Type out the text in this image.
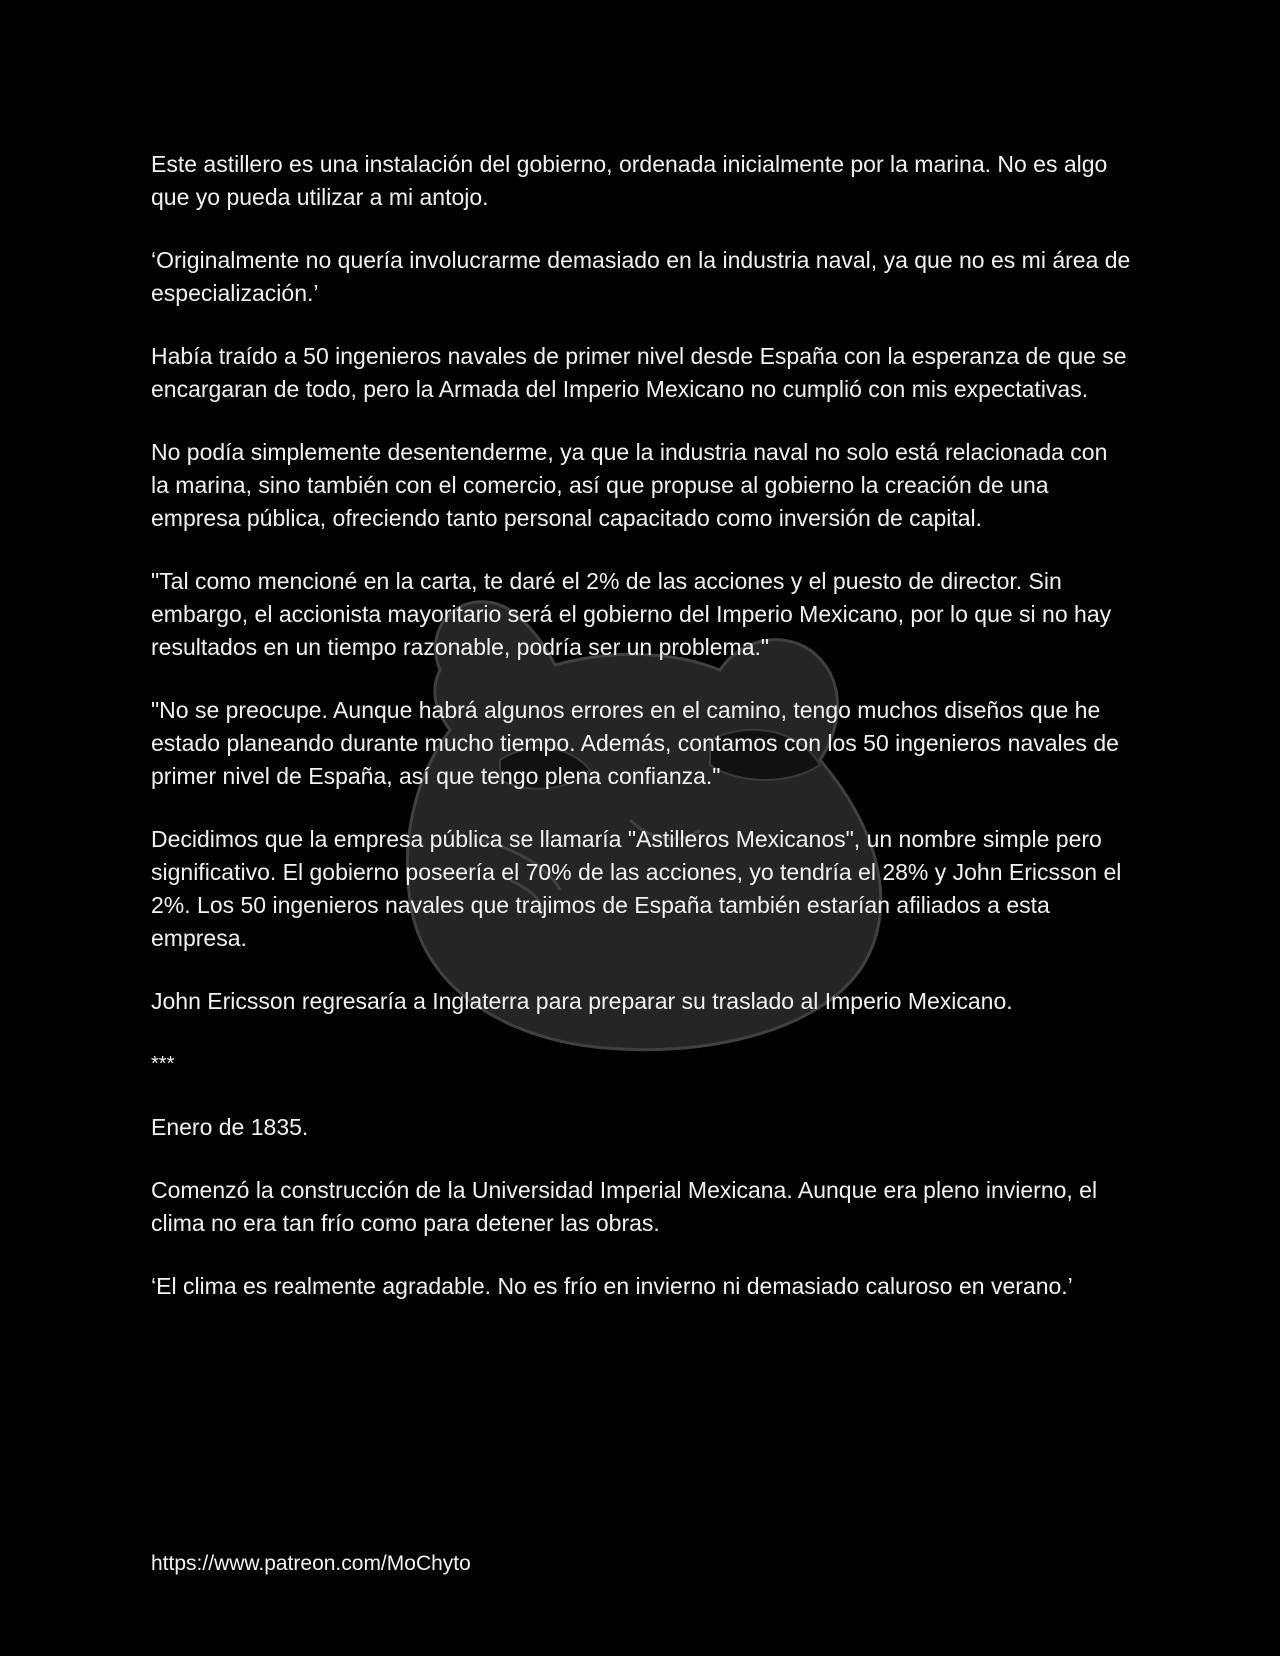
Este astillero es una instalación del gobierno, ordenada inicialmente por la marina. No es algo que yo pueda utilizar a mi antojo.

‘Originalmente no quería involucrarme demasiado en la industria naval, ya que no es mi área de especialización.’

Había traído a 50 ingenieros navales de primer nivel desde España con la esperanza de que se encargaran de todo, pero la Armada del Imperio Mexicano no cumplió con mis expectativas.

No podía simplemente desentenderme, ya que la industria naval no solo está relacionada con la marina, sino también con el comercio, así que propuse al gobierno la creación de una empresa pública, ofreciendo tanto personal capacitado como inversión de capital.

"Tal como mencioné en la carta, te daré el 2% de las acciones y el puesto de director. Sin embargo, el accionista mayoritario será el gobierno del Imperio Mexicano, por lo que si no hay resultados en un tiempo razonable, podría ser un problema."

"No se preocupe. Aunque habrá algunos errores en el camino, tengo muchos diseños que he estado planeando durante mucho tiempo. Además, contamos con los 50 ingenieros navales de primer nivel de España, así que tengo plena confianza."

Decidimos que la empresa pública se llamaría "Astilleros Mexicanos", un nombre simple pero significativo. El gobierno poseería el 70% de las acciones, yo tendría el 28% y John Ericsson el 2%. Los 50 ingenieros navales que trajimos de España también estarían afiliados a esta empresa.

John Ericsson regresaría a Inglaterra para preparar su traslado al Imperio Mexicano.

***

Enero de 1835.

Comenzó la construcción de la Universidad Imperial Mexicana. Aunque era pleno invierno, el clima no era tan frío como para detener las obras.

‘El clima es realmente agradable. No es frío en invierno ni demasiado caluroso en verano.’

https://www.patreon.com/MoChyto
